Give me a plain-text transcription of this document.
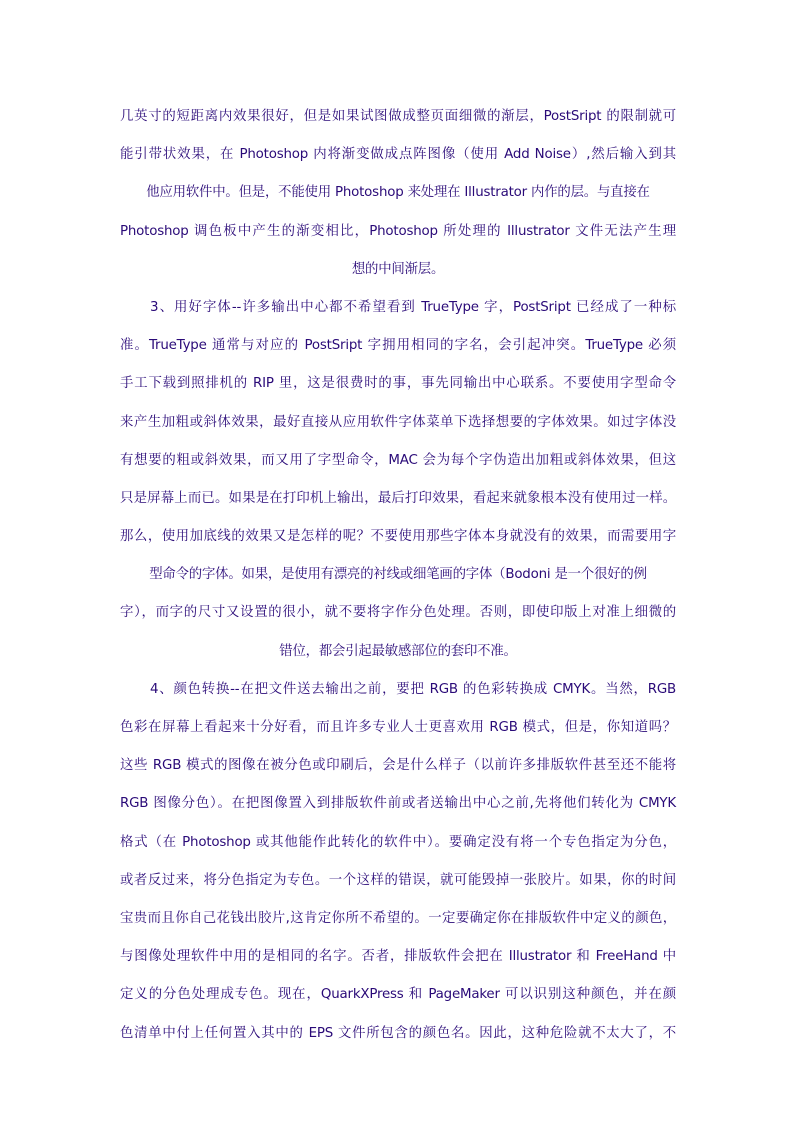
几英寸的短距离内效果很好，但是如果试图做成整页面细微的渐层，PostSript 的限制就可
能引带状效果，在 Photoshop 内将渐变做成点阵图像（使用 Add Noise）,然后输入到其
他应用软件中。但是，不能使用 Photoshop 来处理在 Illustrator 内作的层。与直接在
Photoshop 调色板中产生的渐变相比，Photoshop 所处理的 Illustrator 文件无法产生理
想的中间渐层。
3、用好字体--许多输出中心都不希望看到 TrueType 字，PostSript 已经成了一种标
准。TrueType 通常与对应的 PostSript 字拥用相同的字名，会引起冲突。TrueType 必须
手工下载到照排机的 RIP 里，这是很费时的事，事先同输出中心联系。不要使用字型命令
来产生加粗或斜体效果，最好直接从应用软件字体菜单下选择想要的字体效果。如过字体没
有想要的粗或斜效果，而又用了字型命令，MAC 会为每个字伪造出加粗或斜体效果，但这
只是屏幕上而已。如果是在打印机上输出，最后打印效果，看起来就象根本没有使用过一样。
那么，使用加底线的效果又是怎样的呢？不要使用那些字体本身就没有的效果，而需要用字
型命令的字体。如果，是使用有漂亮的衬线或细笔画的字体（Bodoni 是一个很好的例
字），而字的尺寸又设置的很小，就不要将字作分色处理。否则，即使印版上对准上细微的
错位，都会引起最敏感部位的套印不准。
4、颜色转换--在把文件送去输出之前，要把 RGB 的色彩转换成 CMYK。当然，RGB
色彩在屏幕上看起来十分好看，而且许多专业人士更喜欢用 RGB 模式，但是，你知道吗？
这些 RGB 模式的图像在被分色或印刷后，会是什么样子（以前许多排版软件甚至还不能将
RGB 图像分色）。在把图像置入到排版软件前或者送输出中心之前,先将他们转化为 CMYK
格式（在 Photoshop 或其他能作此转化的软件中）。要确定没有将一个专色指定为分色，
或者反过来，将分色指定为专色。一个这样的错误，就可能毁掉一张胶片。如果，你的时间
宝贵而且你自己花钱出胶片,这肯定你所不希望的。一定要确定你在排版软件中定义的颜色，
与图像处理软件中用的是相同的名字。否者，排版软件会把在 Illustrator 和 FreeHand 中
定义的分色处理成专色。现在，QuarkXPress 和 PageMaker 可以识别这种颜色，并在颜
色清单中付上任何置入其中的 EPS 文件所包含的颜色名。因此，这种危险就不太大了，不
